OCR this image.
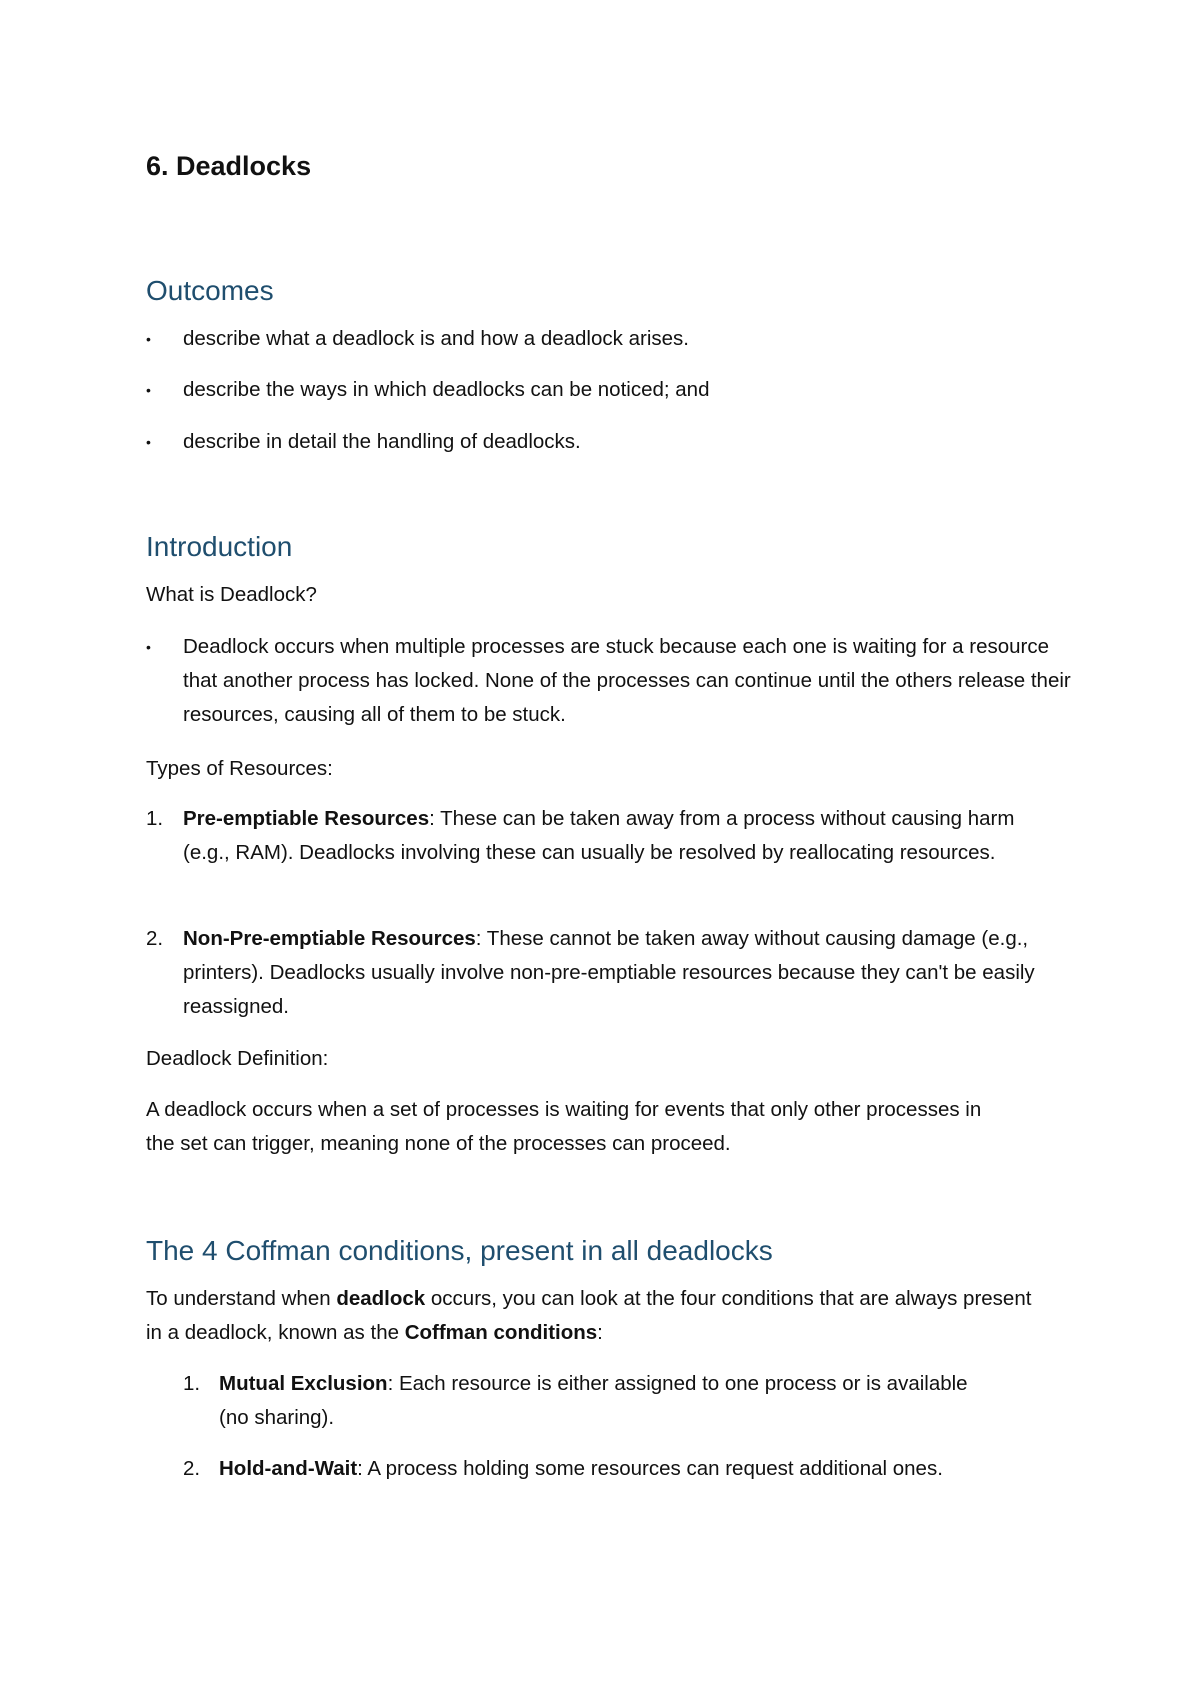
6. Deadlocks
Outcomes
• describe what a deadlock is and how a deadlock arises.

• describe the ways in which deadlocks can be noticed; and

• describe in detail the handling of deadlocks.

Introduction

What is Deadlock?

• Deadlock occurs when multiple processes are stuck because each one is waiting for a resource that another process has locked. None of the processes can continue until the others release their resources, causing all of them to be stuck.

Types of Resources:

1. Pre-emptiable Resources: These can be taken away from a process without causing harm (e.g., RAM). Deadlocks involving these can usually be resolved by reallocating resources.

2. Non-Pre-emptiable Resources: These cannot be taken away without causing damage (e.g., printers). Deadlocks usually involve non-pre-emptiable resources because they can't be easily reassigned.

Deadlock Definition:

A deadlock occurs when a set of processes is waiting for events that only other processes in the set can trigger, meaning none of the processes can proceed.

The 4 Coffman conditions, present in all deadlocks

To understand when deadlock occurs, you can look at the four conditions that are always present in a deadlock, known as the Coffman conditions:

1. Mutual Exclusion: Each resource is either assigned to one process or is available (no sharing).

2. Hold-and-Wait: A process holding some resources can request additional ones.
